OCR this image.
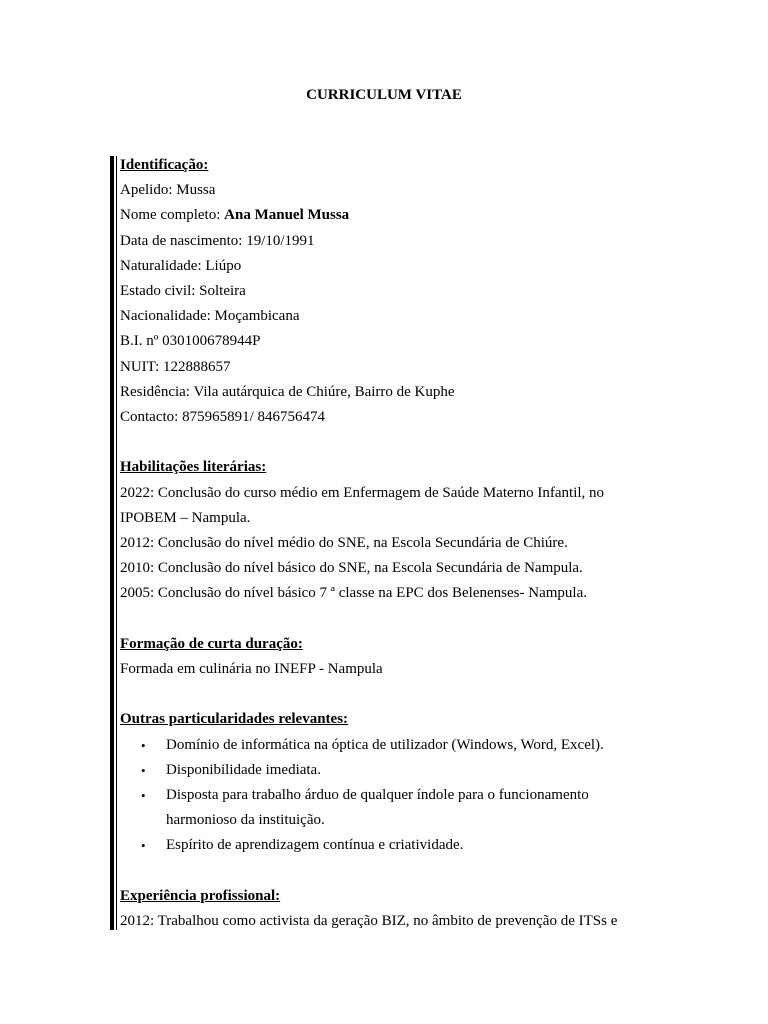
CURRICULUM VITAE

Identificação:

Apelido: Mussa

Nome completo: Ana Manuel Mussa

Data de nascimento: 19/10/1991

Naturalidade: Liúpo

Estado civil: Solteira

Nacionalidade: Moçambicana

B.I. nº 030100678944P

NUIT: 122888657

Residência: Vila autárquica de Chiúre, Bairro de Kuphe

Contacto: 875965891/ 846756474

Habilitações literárias:

2022: Conclusão do curso médio em Enfermagem de Saúde Materno Infantil, no

IPOBEM – Nampula.

2012: Conclusão do nível médio do SNE, na Escola Secundária de Chiúre.

2010: Conclusão do nível básico do SNE, na Escola Secundária de Nampula.

2005: Conclusão do nível básico 7 ª classe na EPC dos Belenenses- Nampula.

Formação de curta duração:

Formada em culinária no INEFP - Nampula

Outras particularidades relevantes:

• Domínio de informática na óptica de utilizador (Windows, Word, Excel).
• Disponibilidade imediata.
• Disposta para trabalho árduo de qualquer índole para o funcionamento harmonioso da instituição.
• Espírito de aprendizagem contínua e criatividade.

Experiência profissional:

2012: Trabalhou como activista da geração BIZ, no âmbito de prevenção de ITSs e
